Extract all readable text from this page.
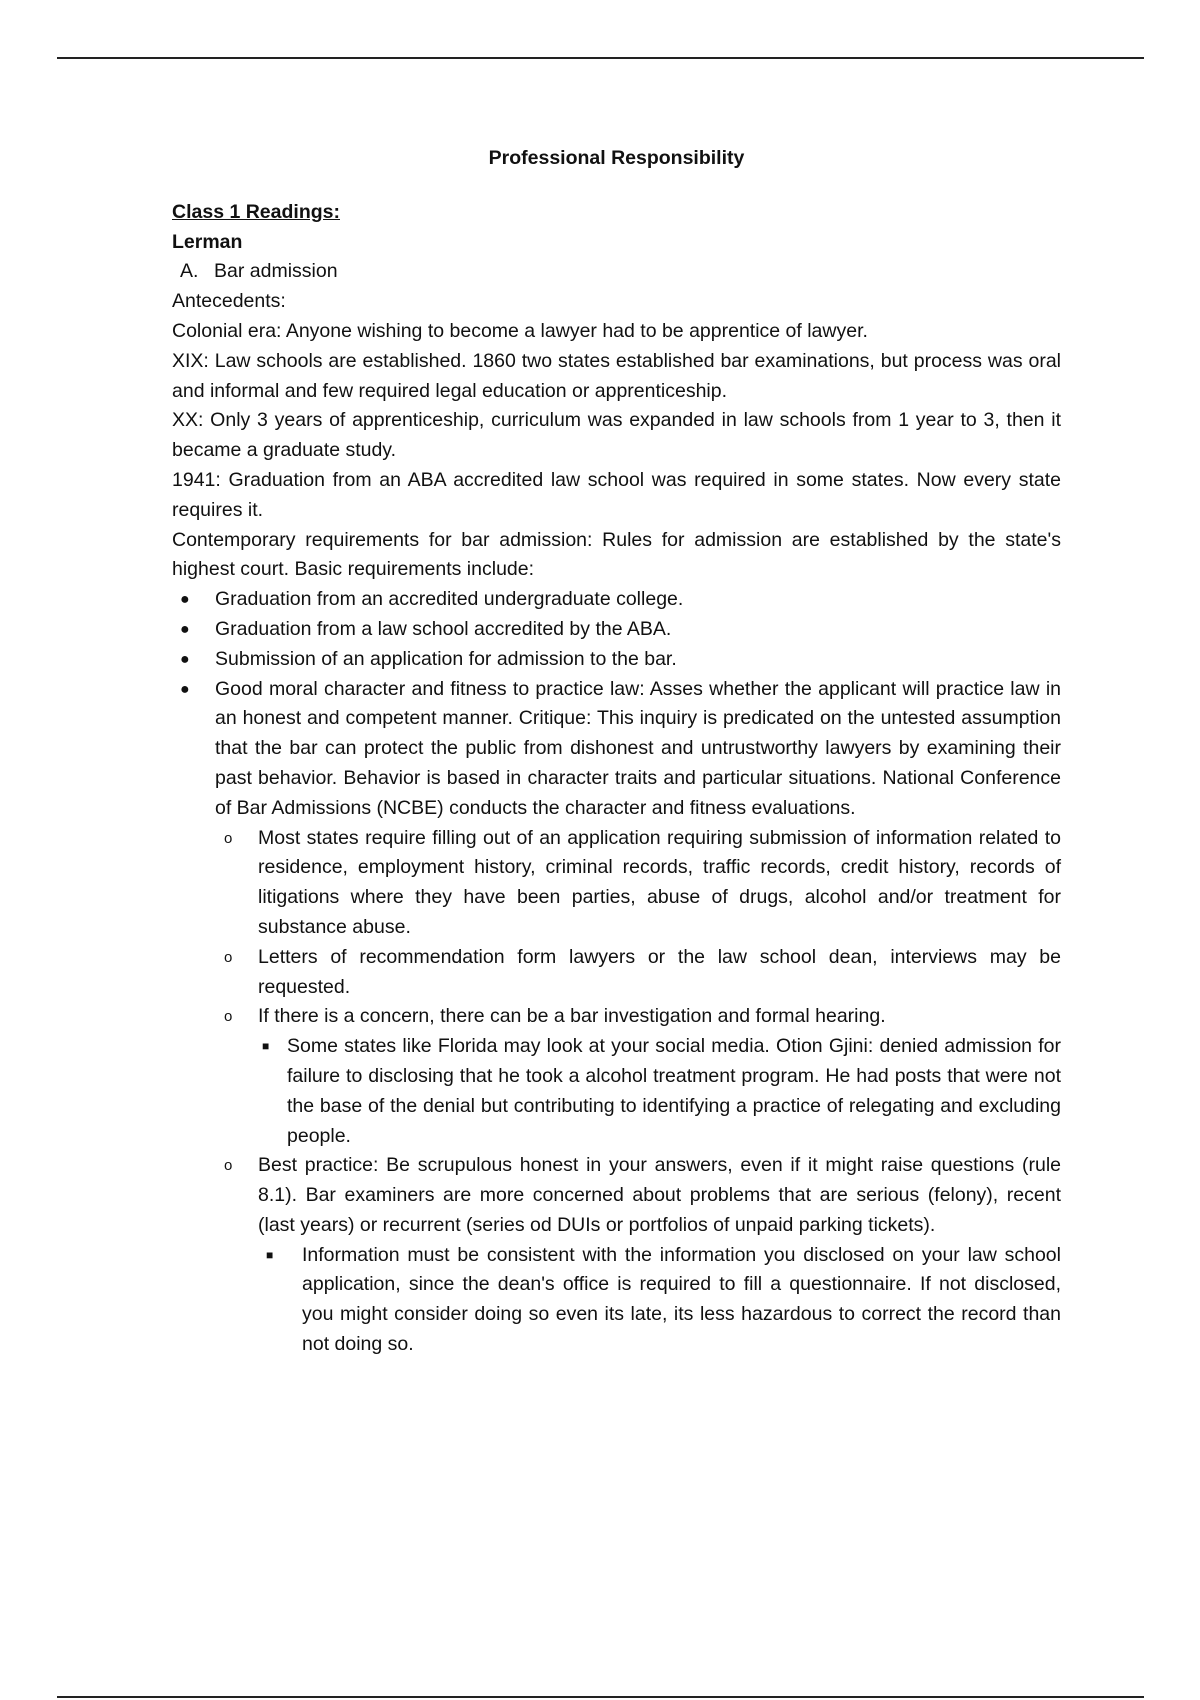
Professional Responsibility

Class 1 Readings:

Lerman

A. Bar admission

Antecedents:

Colonial era: Anyone wishing to become a lawyer had to be apprentice of lawyer.

XIX: Law schools are established. 1860 two states established bar examinations, but process was oral and informal and few required legal education or apprenticeship.

XX: Only 3 years of apprenticeship, curriculum was expanded in law schools from 1 year to 3, then it became a graduate study.

1941: Graduation from an ABA accredited law school was required in some states. Now every state requires it.

Contemporary requirements for bar admission: Rules for admission are established by the state's highest court. Basic requirements include:

● Graduation from an accredited undergraduate college.
● Graduation from a law school accredited by the ABA.
● Submission of an application for admission to the bar.
● Good moral character and fitness to practice law: Asses whether the applicant will practice law in an honest and competent manner. Critique: This inquiry is predicated on the untested assumption that the bar can protect the public from dishonest and untrustworthy lawyers by examining their past behavior. Behavior is based in character traits and particular situations. National Conference of Bar Admissions (NCBE) conducts the character and fitness evaluations.
o Most states require filling out of an application requiring submission of information related to residence, employment history, criminal records, traffic records, credit history, records of litigations where they have been parties, abuse of drugs, alcohol and/or treatment for substance abuse.
o Letters of recommendation form lawyers or the law school dean, interviews may be requested.
o If there is a concern, there can be a bar investigation and formal hearing.
■ Some states like Florida may look at your social media. Otion Gjini: denied admission for failure to disclosing that he took a alcohol treatment program. He had posts that were not the base of the denial but contributing to identifying a practice of relegating and excluding people.
o Best practice: Be scrupulous honest in your answers, even if it might raise questions (rule 8.1). Bar examiners are more concerned about problems that are serious (felony), recent (last years) or recurrent (series od DUIs or portfolios of unpaid parking tickets).
■ Information must be consistent with the information you disclosed on your law school application, since the dean's office is required to fill a questionnaire. If not disclosed, you might consider doing so even its late, its less hazardous to correct the record than not doing so.
